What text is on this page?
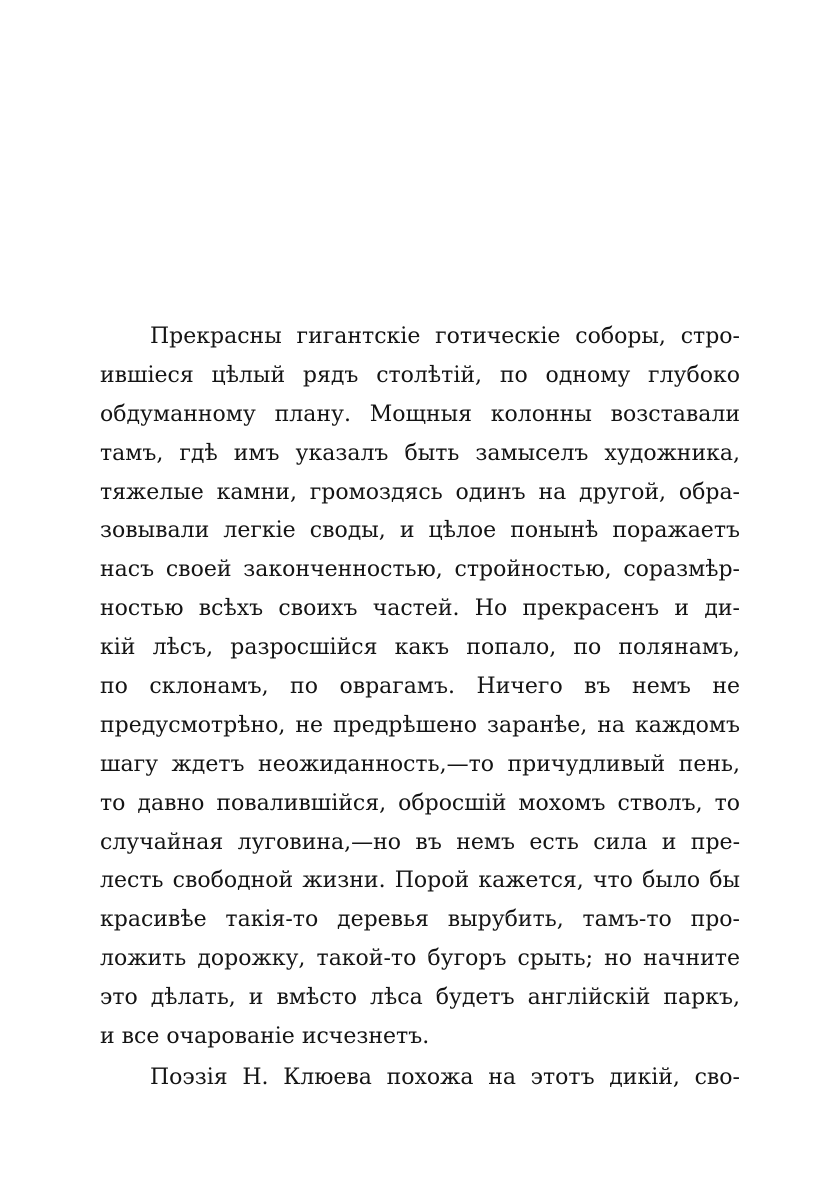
Прекрасны гигантскіе готическіе соборы, стро-
ившіеся цѣлый рядъ столѣтій, по одному глубоко
обдуманному плану. Мощныя колонны возставали
тамъ, гдѣ имъ указалъ быть замыселъ художника,
тяжелые камни, громоздясь одинъ на другой, обра-
зовывали легкіе своды, и цѣлое понынѣ поражаетъ
насъ своей законченностью, стройностью, соразмѣр-
ностью всѣхъ своихъ частей. Но прекрасенъ и ди-
кій лѣсъ, разросшійся какъ попало, по полянамъ,
по склонамъ, по оврагамъ. Ничего въ немъ не
предусмотрѣно, не предрѣшено заранѣе, на каждомъ
шагу ждетъ неожиданность,—то причудливый пень,
то давно повалившійся, обросшій мохомъ стволъ, то
случайная луговина,—но въ немъ есть сила и пре-
лесть свободной жизни. Порой кажется, что было бы
красивѣе такія-то деревья вырубить, тамъ-то про-
ложить дорожку, такой-то бугоръ срыть; но начните
это дѣлать, и вмѣсто лѣса будетъ англійскій паркъ,
и все очарованіе исчезнетъ.
Поэзія Н. Клюева похожа на этотъ дикій, сво-
